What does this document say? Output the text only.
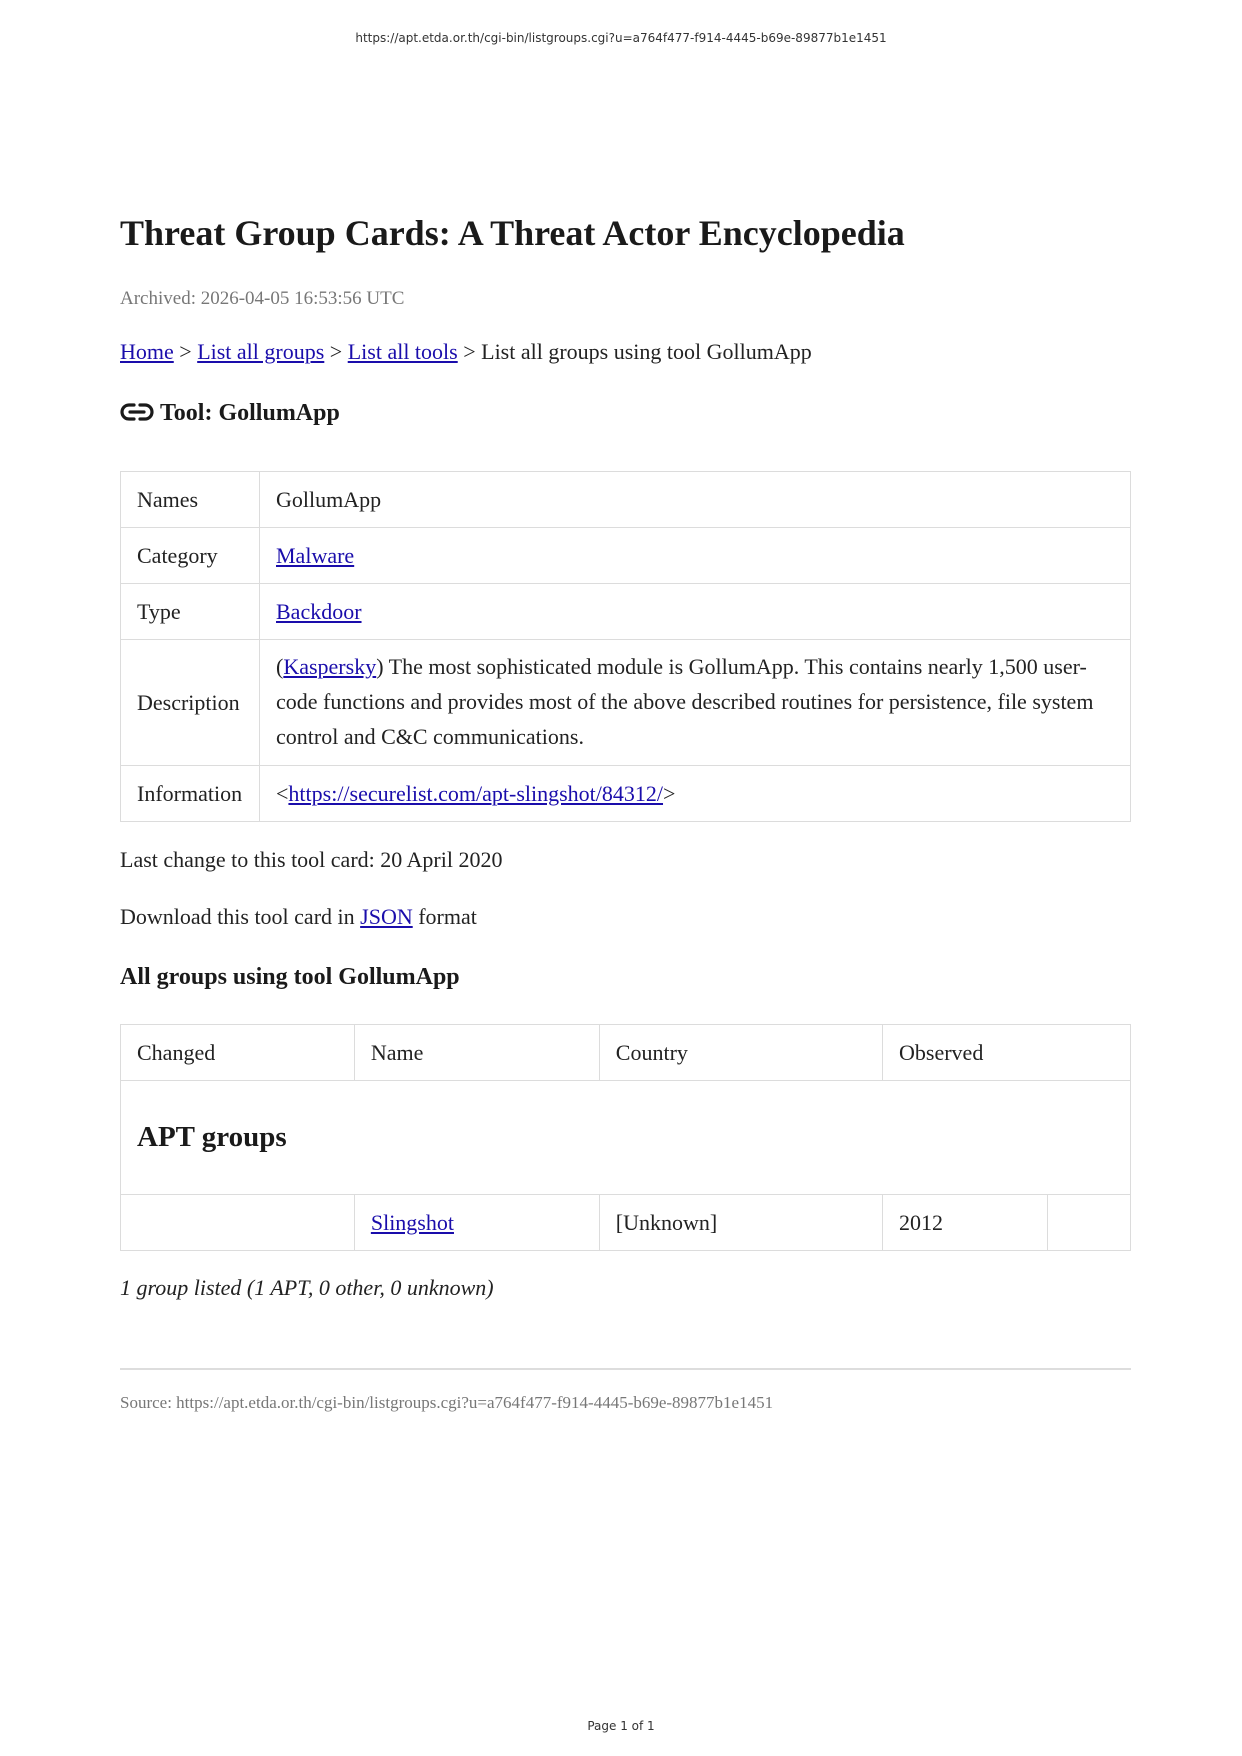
https://apt.etda.or.th/cgi-bin/listgroups.cgi?u=a764f477-f914-4445-b69e-89877b1e1451
Threat Group Cards: A Threat Actor Encyclopedia
Archived: 2026-04-05 16:53:56 UTC
Home > List all groups > List all tools > List all groups using tool GollumApp
Tool: GollumApp
Names	GollumApp
Category	Malware
Type	Backdoor
Description	(Kaspersky) The most sophisticated module is GollumApp. This contains nearly 1,500 user-code functions and provides most of the above described routines for persistence, file system control and C&C communications.
Information	<https://securelist.com/apt-slingshot/84312/>
Last change to this tool card: 20 April 2020
Download this tool card in JSON format
All groups using tool GollumApp
Changed	Name	Country	Observed	
APT groups				
	Slingshot	[Unknown]	2012	
1 group listed (1 APT, 0 other, 0 unknown)
Source: https://apt.etda.or.th/cgi-bin/listgroups.cgi?u=a764f477-f914-4445-b69e-89877b1e1451
Page 1 of 1
